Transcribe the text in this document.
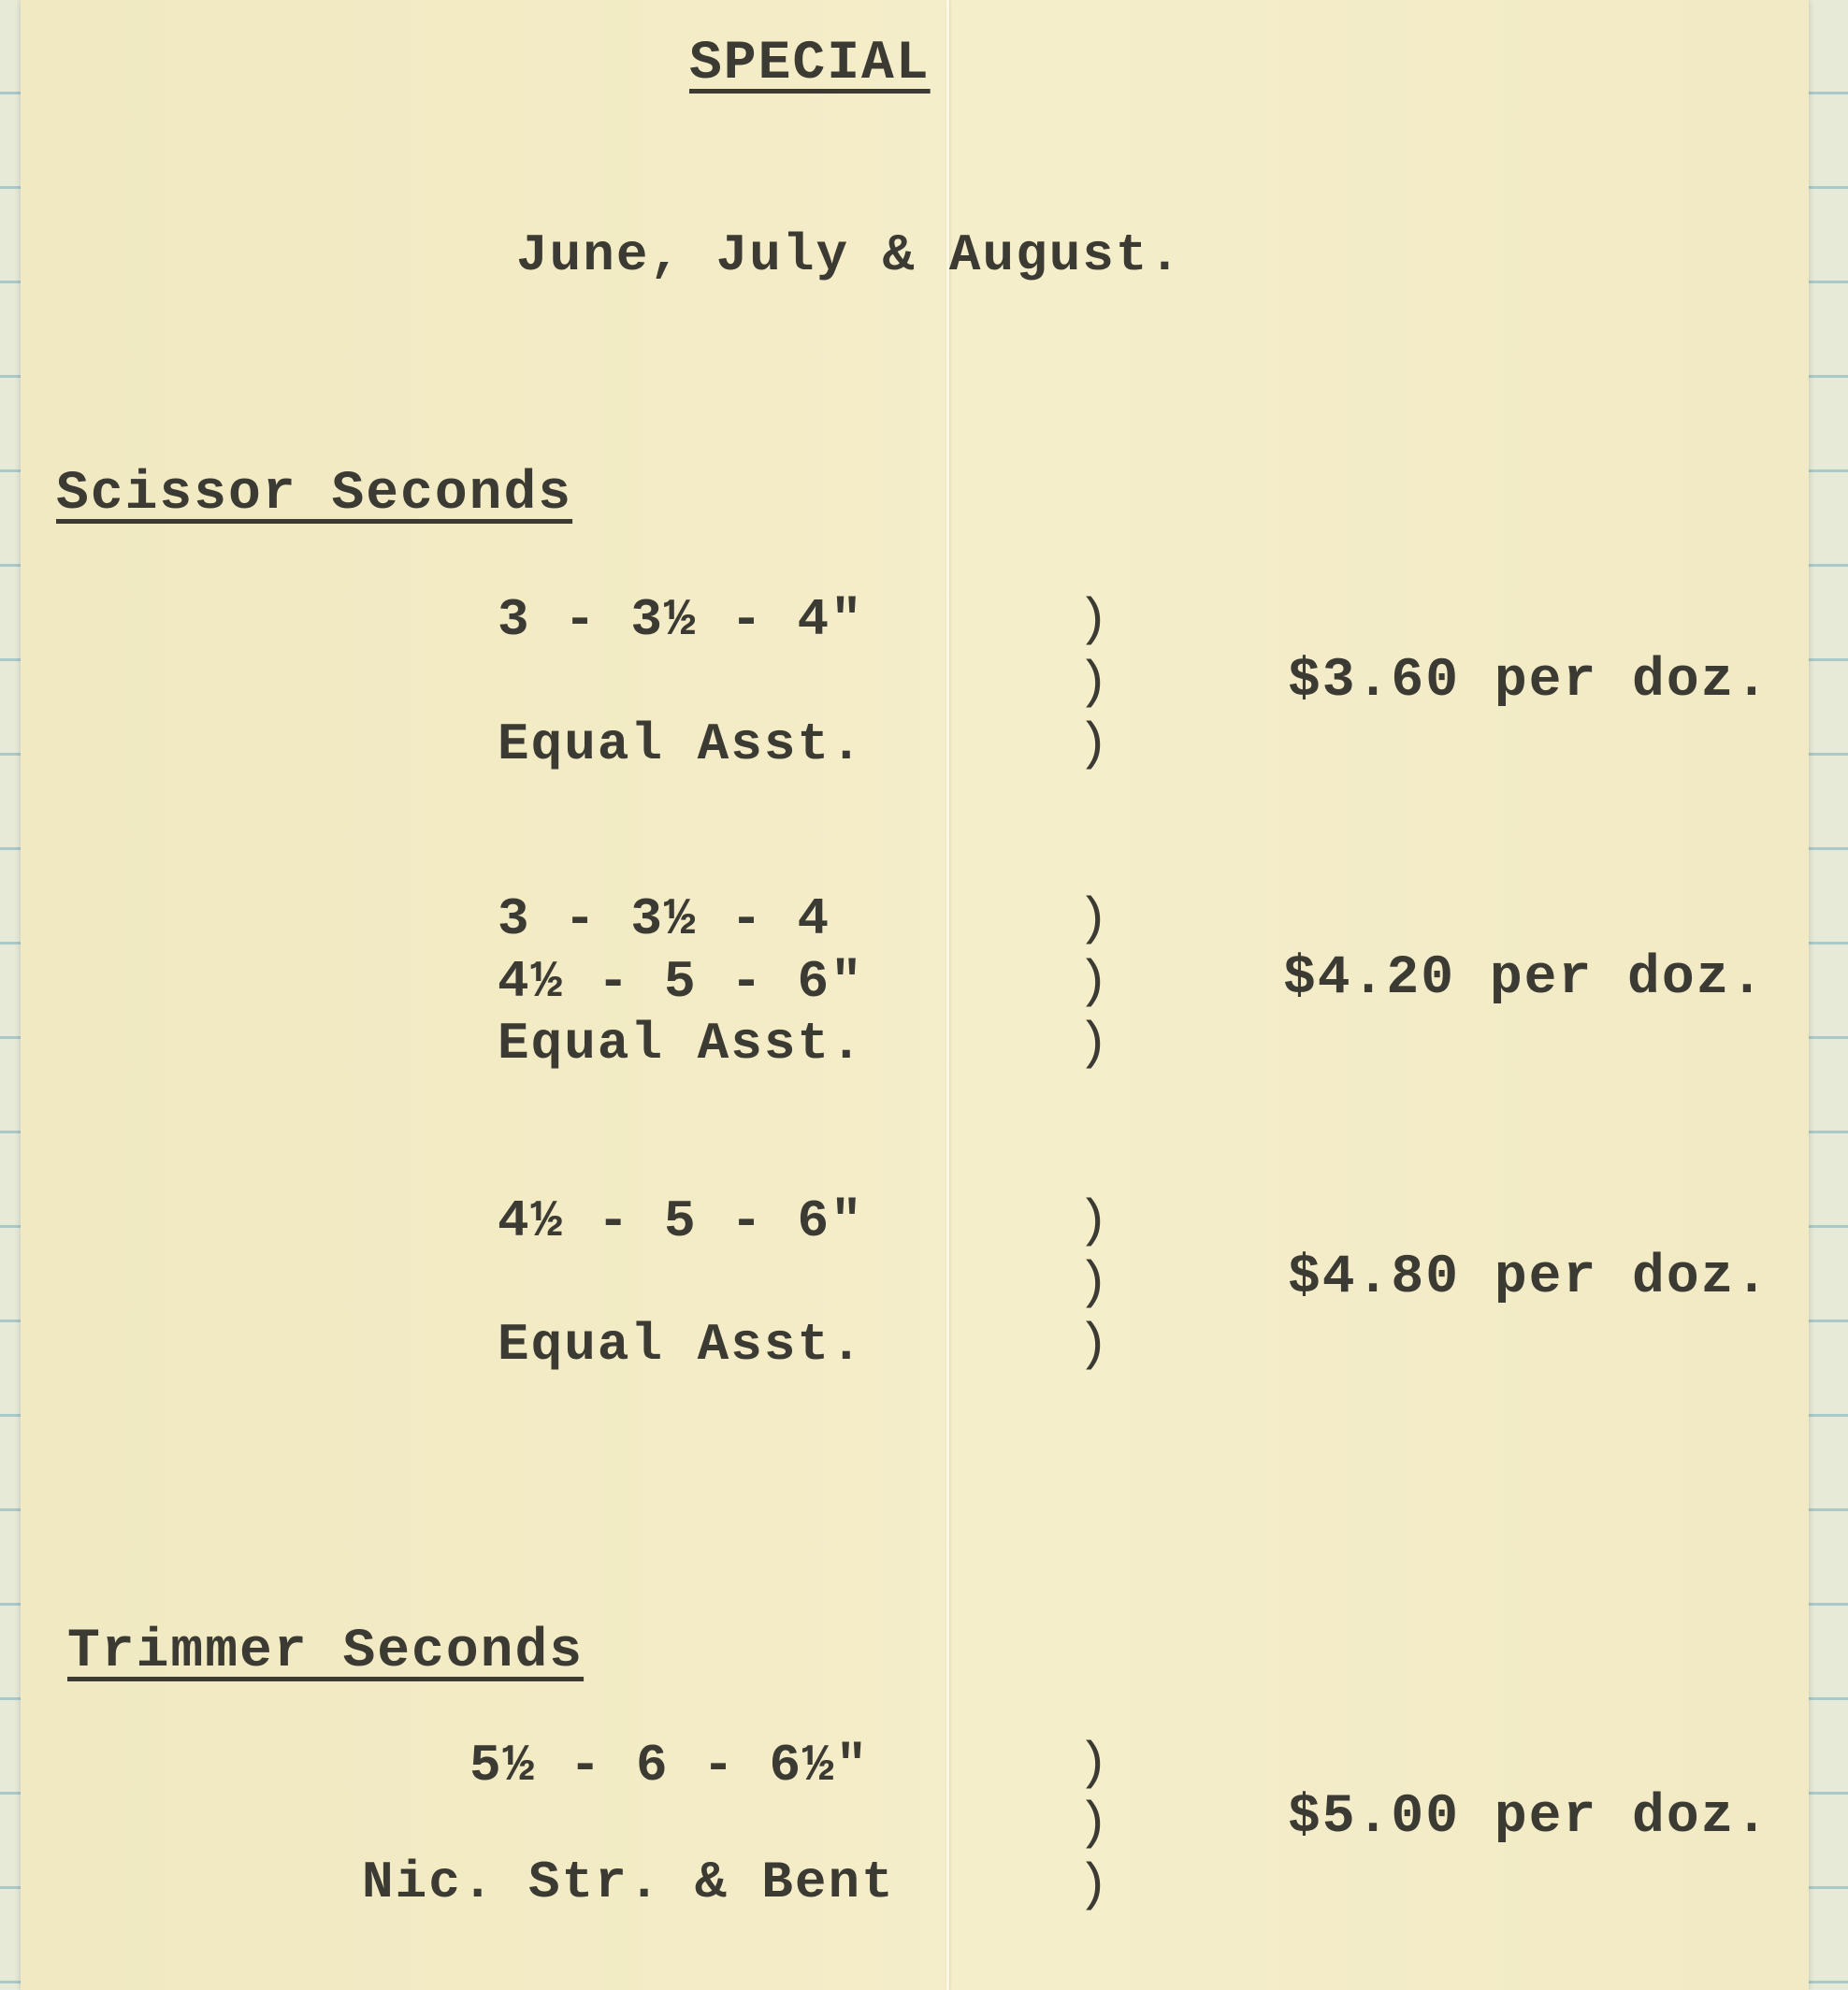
SPECIAL
June, July & August.
Scissor Seconds
3 - 3½ - 4"
Equal Asst.
)
)
)
$3.60 per doz.
3 - 3½ - 4
4½ - 5 - 6"
Equal Asst.
)
)
)
$4.20 per doz.
4½ - 5 - 6"
Equal Asst.
)
)
)
$4.80 per doz.
Trimmer Seconds
5½ - 6 - 6½"
Nic. Str. & Bent
)
)
)
$5.00 per doz.
